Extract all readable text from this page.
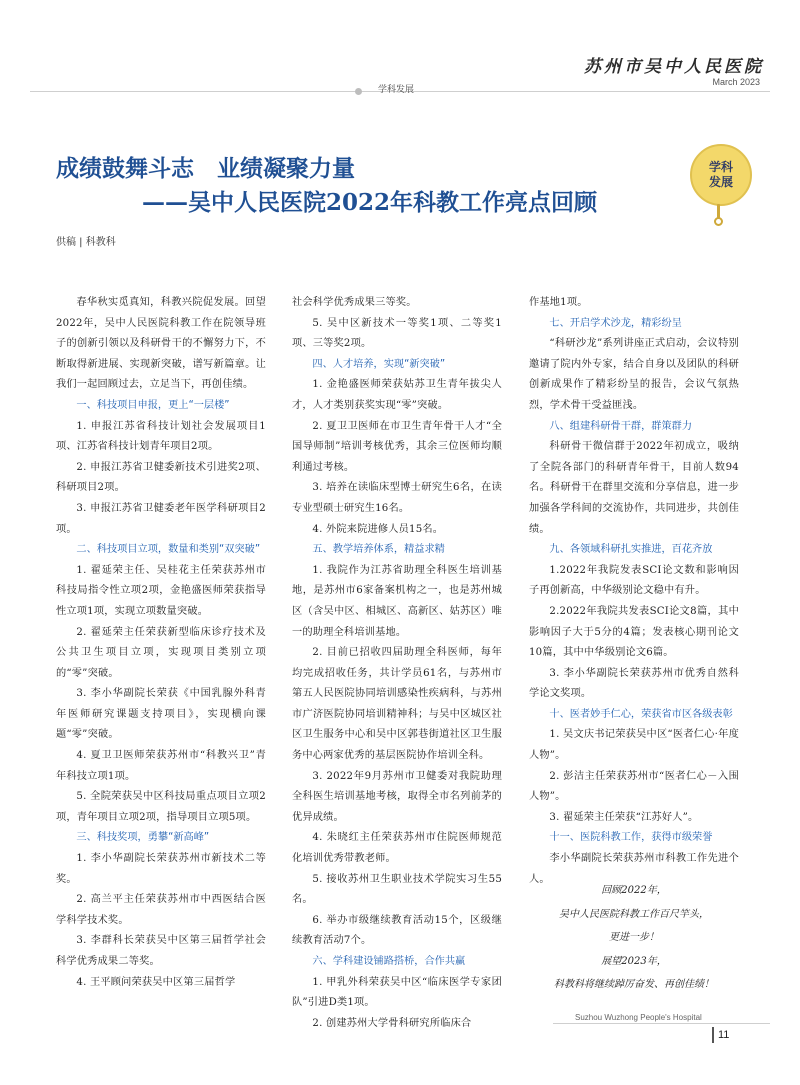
苏州市吴中人民医院
March 2023
学科发展
成绩鼓舞斗志　业绩凝聚力量
——吴中人民医院2022年科教工作亮点回顾
学科发展
供稿 | 科教科
春华秋实觅真知，科教兴院促发展。回望2022年，吴中人民医院科教工作在院领导班子的创新引领以及科研骨干的不懈努力下，不断取得新进展、实现新突破，谱写新篇章。让我们一起回顾过去，立足当下，再创佳绩。
一、科技项目申报，更上“一层楼”
1. 申报江苏省科技计划社会发展项目1项、江苏省科技计划青年项目2项。
2. 申报江苏省卫健委新技术引进奖2项、科研项目2项。
3. 申报江苏省卫健委老年医学科研项目2项。
二、科技项目立项，数量和类别“双突破”
1. 翟延荣主任、吴桂花主任荣获苏州市科技局指令性立项2项，金艳盛医师荣获指导性立项1项，实现立项数量突破。
2. 翟延荣主任荣获新型临床诊疗技术及公共卫生项目立项，实现项目类别立项的“零”突破。
3. 李小华副院长荣获《中国乳腺外科青年医师研究课题支持项目》，实现横向课题“零”突破。
4. 夏卫卫医师荣获苏州市“科教兴卫”青年科技立项1项。
5. 全院荣获吴中区科技局重点项目立项2项，青年项目立项2项，指导项目立项5项。
三、科技奖项，勇攀“新高峰”
1. 李小华副院长荣获苏州市新技术二等奖。
2. 高兰平主任荣获苏州市中西医结合医学科学技术奖。
3. 李群科长荣获吴中区第三届哲学社会科学优秀成果二等奖。
4. 王平顾问荣获吴中区第三届哲学
社会科学优秀成果三等奖。
5. 吴中区新技术一等奖1项、二等奖1项、三等奖2项。
四、人才培养，实现“新突破”
1. 金艳盛医师荣获姑苏卫生青年拔尖人才，人才类别获奖实现“零”突破。
2. 夏卫卫医师在市卫生青年骨干人才“全国导师制”培训考核优秀，其余三位医师均顺利通过考核。
3. 培养在读临床型博士研究生6名，在读专业型硕士研究生16名。
4. 外院来院进修人员15名。
五、教学培养体系，精益求精
1. 我院作为江苏省助理全科医生培训基地，是苏州市6家备案机构之一，也是苏州城区（含吴中区、相城区、高新区、姑苏区）唯一的助理全科培训基地。
2. 目前已招收四届助理全科医师，每年均完成招收任务，共计学员61名，与苏州市第五人民医院协同培训感染性疾病科，与苏州市广济医院协同培训精神科；与吴中区城区社区卫生服务中心和吴中区郭巷街道社区卫生服务中心两家优秀的基层医院协作培训全科。
3. 2022年9月苏州市卫健委对我院助理全科医生培训基地考核，取得全市名列前茅的优异成绩。
4. 朱晓红主任荣获苏州市住院医师规范化培训优秀带教老师。
5. 接收苏州卫生职业技术学院实习生55名。
6. 举办市级继续教育活动15个，区级继续教育活动7个。
六、学科建设铺路搭桥，合作共赢
1. 甲乳外科荣获吴中区“临床医学专家团队”引进D类1项。
2. 创建苏州大学骨科研究所临床合
作基地1项。
七、开启学术沙龙，精彩纷呈
“科研沙龙”系列讲座正式启动，会议特别邀请了院内外专家，结合自身以及团队的科研创新成果作了精彩纷呈的报告，会议气氛热烈，学术骨干受益匪浅。
八、组建科研骨干群，群策群力
科研骨干微信群于2022年初成立，吸纳了全院各部门的科研青年骨干，目前人数94名。科研骨干在群里交流和分享信息，进一步加强各学科间的交流协作，共同进步，共创佳绩。
九、各领域科研扎实推进，百花齐放
1.2022年我院发表SCI论文数和影响因子再创新高，中华级别论文稳中有升。
2.2022年我院共发表SCI论文8篇，其中影响因子大于5分的4篇；发表核心期刊论文10篇，其中中华级别论文6篇。
3. 李小华副院长荣获苏州市优秀自然科学论文奖项。
十、医者妙手仁心，荣获省市区各级表彰
1. 吴文庆书记荣获吴中区“医者仁心·年度人物”。
2. 彭洁主任荣获苏州市“医者仁心－入围人物”。
3. 翟延荣主任荣获“江苏好人”。
十一、医院科教工作，获得市级荣誉
李小华副院长荣获苏州市科教工作先进个人。
回顾2022年，
吴中人民医院科教工作百尺竿头，
更进一步！
展望2023年，
科教科将继续踔厉奋发、再创佳绩！
Suzhou Wuzhong People's Hospital
11
